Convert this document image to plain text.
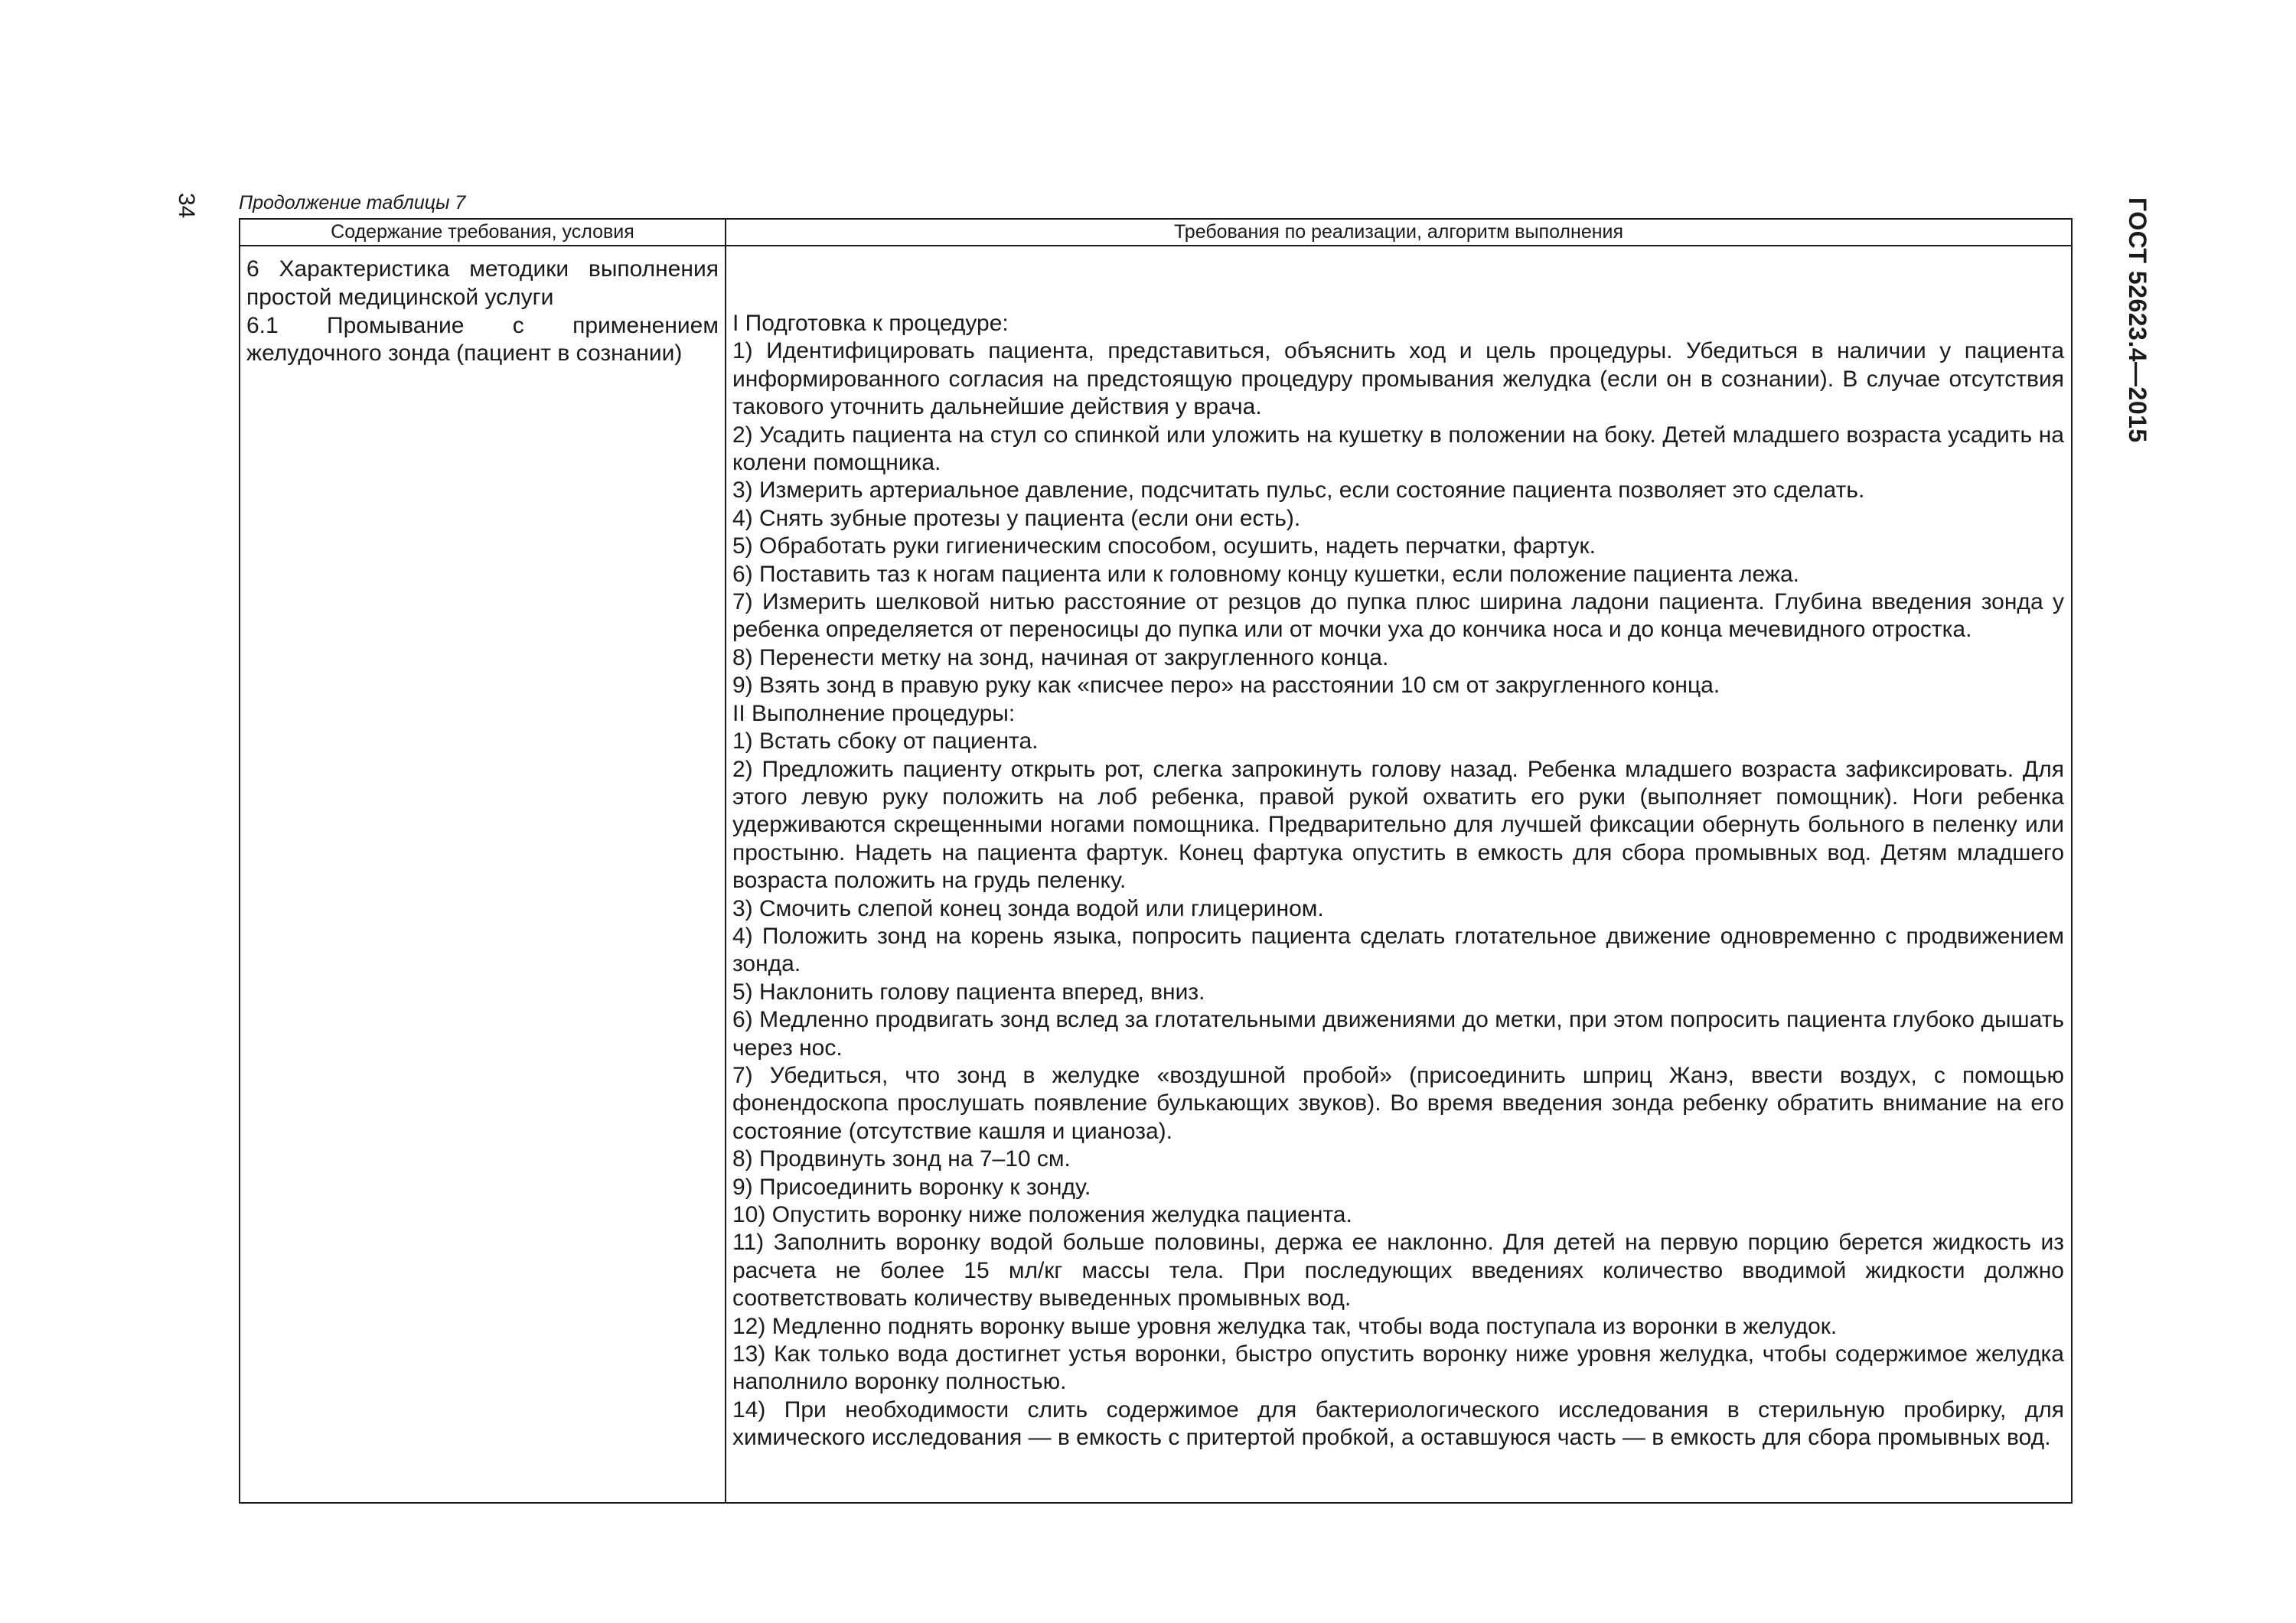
34	ГОСТ 52623.4—2015
Продолжение таблицы 7
Содержание требования, условия	Требования по реализации, алгоритм выполнения

6 Характеристика методики выполнения простой медицинской услуги

6.1 Промывание с применением желудочного зонда (пациент в сознании)

I Подготовка к процедуре:

1) Идентифицировать пациента, представиться, объяснить ход и цель процедуры. Убедиться в наличии у пациента информированного согласия на предстоящую процедуру промывания желудка (если он в сознании). В случае отсутствия такового уточнить дальнейшие действия у врача.

2) Усадить пациента на стул со спинкой или уложить на кушетку в положении на боку. Детей младшего возраста усадить на колени помощника.

3) Измерить артериальное давление, подсчитать пульс, если состояние пациента позволяет это сделать.

4) Снять зубные протезы у пациента (если они есть).

5) Обработать руки гигиеническим способом, осушить, надеть перчатки, фартук.

6) Поставить таз к ногам пациента или к головному концу кушетки, если положение пациента лежа.

7) Измерить шелковой нитью расстояние от резцов до пупка плюс ширина ладони пациента. Глубина введения зонда у ребенка определяется от переносицы до пупка или от мочки уха до кончика носа и до конца мечевидного отростка.

8) Перенести метку на зонд, начиная от закругленного конца.

9) Взять зонд в правую руку как «писчее перо» на расстоянии 10 см от закругленного конца.

II Выполнение процедуры:

1) Встать сбоку от пациента.

2) Предложить пациенту открыть рот, слегка запрокинуть голову назад. Ребенка младшего возраста зафиксировать. Для этого левую руку положить на лоб ребенка, правой рукой охватить его руки (выполняет помощник). Ноги ребенка удерживаются скрещенными ногами помощника. Предварительно для лучшей фиксации обернуть больного в пеленку или простыню. Надеть на пациента фартук. Конец фартука опустить в емкость для сбора промывных вод. Детям младшего возраста положить на грудь пеленку.

3) Смочить слепой конец зонда водой или глицерином.

4) Положить зонд на корень языка, попросить пациента сделать глотательное движение одновременно с продвижением зонда.

5) Наклонить голову пациента вперед, вниз.

6) Медленно продвигать зонд вслед за глотательными движениями до метки, при этом попросить пациента глубоко дышать через нос.

7) Убедиться, что зонд в желудке «воздушной пробой» (присоединить шприц Жанэ, ввести воздух, с помощью фонендоскопа прослушать появление булькающих звуков). Во время введения зонда ребенку обратить внимание на его состояние (отсутствие кашля и цианоза).

8) Продвинуть зонд на 7–10 см.

9) Присоединить воронку к зонду.

10) Опустить воронку ниже положения желудка пациента.

11) Заполнить воронку водой больше половины, держа ее наклонно. Для детей на первую порцию берется жидкость из расчета не более 15 мл/кг массы тела. При последующих введениях количество вводимой жидкости должно соответствовать количеству выведенных промывных вод.

12) Медленно поднять воронку выше уровня желудка так, чтобы вода поступала из воронки в желудок.

13) Как только вода достигнет устья воронки, быстро опустить воронку ниже уровня желудка, чтобы содержимое желудка наполнило воронку полностью.

14) При необходимости слить содержимое для бактериологического исследования в стерильную пробирку, для химического исследования — в емкость с притертой пробкой, а оставшуюся часть — в емкость для сбора промывных вод.
